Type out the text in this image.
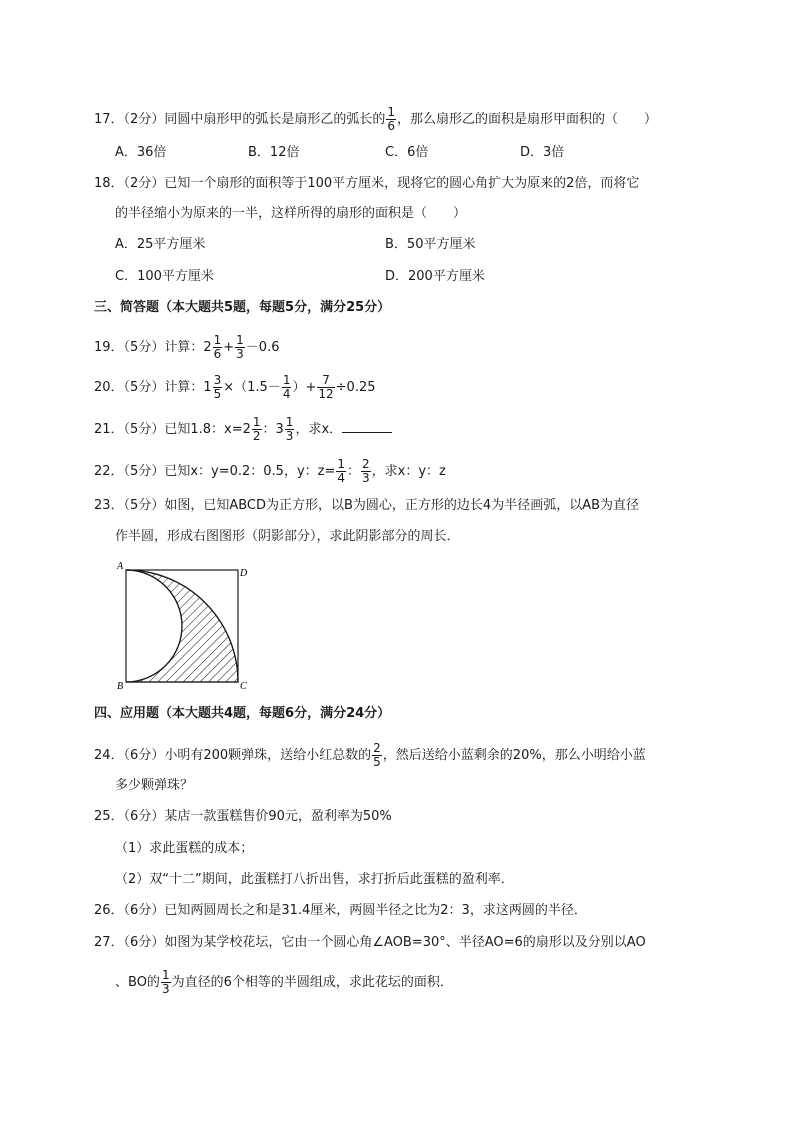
17．（2分）同圆中扇形甲的弧长是扇形乙的弧长的 $\frac{1}{6}$ ，那么扇形乙的面积是扇形甲面积的（　　）
A．36倍	B．12倍	C．6倍	D．3倍
18．（2分）已知一个扇形的面积等于100平方厘米，现将它的圆心角扩大为原来的2倍，而将它
的半径缩小为原来的一半，这样所得的扇形的面积是（　　）
A．25平方厘米	B．50平方厘米
C．100平方厘米	D．200平方厘米
三、简答题（本大题共5题，每题5分，满分25分）
19．（5分）计算：$2 \frac{1}{6} + \frac{1}{3} -0.6$
20．（5分）计算：$1 \frac{3}{5} \times(1.5- \frac{1}{4}$ ）+ $\frac{7}{12} \div 0.25$
21．（5分）已知1.8：$x=2 \frac{1}{2}$ ：$3 \frac{1}{3}$ ，求x．
22．（5分）已知x：y=0.2：0.5，y：$z= \frac{1}{4}$ ： $\frac{2}{3}$ ，求x：y：z
23．（5分）如图，已知ABCD为正方形，以B为圆心，正方形的边长4为半径画弧，以AB为直径
作半圆，形成右图图形（阴影部分），求此阴影部分的周长．
A
B	C
D
四、应用题（本大题共4题，每题6分，满分24分）
24．（6分）小明有200颗弹珠，送给小红总数的 $\frac{2}{5}$ ，然后送给小蓝剩余的20%，那么小明给小蓝
多少颗弹珠？
25．（6分）某店一款蛋糕售价90元，盈利率为50%
（1）求此蛋糕的成本；
（2）双“十二”期间，此蛋糕打八折出售，求打折后此蛋糕的盈利率．
26．（6分）已知两圆周长之和是31.4厘米，两圆半径之比为2：3，求这两圆的半径．
27．（6分）如图为某学校花坛，它由一个圆心角∠AOB=30°、半径AO=6的扇形以及分别以AO
、BO的 $\frac{1}{3}$ 为直径的6个相等的半圆组成，求此花坛的面积．
